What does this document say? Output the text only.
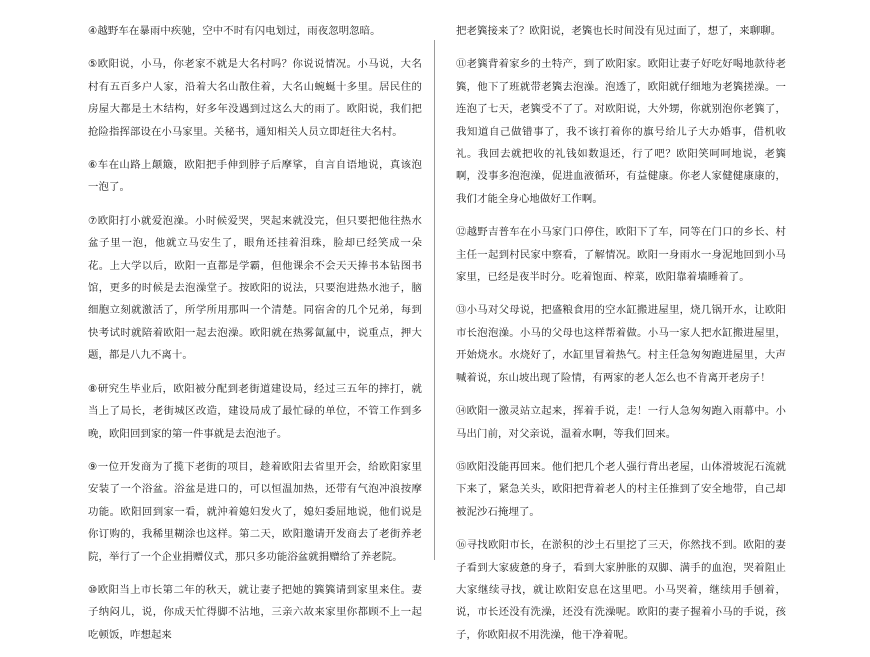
④越野车在暴雨中疾驰，空中不时有闪电划过，雨夜忽明忽暗。

⑤欧阳说，小马，你老家不就是大名村吗？你说说情况。小马说，大名村有五百多户人家，沿着大名山散住着，大名山蜿蜒十多里。居民住的房屋大都是土木结构，好多年没遇到过这么大的雨了。欧阳说，我们把抢险指挥部设在小马家里。关秘书，通知相关人员立即赶往大名村。

⑥车在山路上颠簸，欧阳把手伸到脖子后摩挲，自言自语地说，真该泡一泡了。

⑦欧阳打小就爱泡澡。小时候爱哭，哭起来就没完，但只要把他往热水盆子里一泡，他就立马安生了，眼角还挂着泪珠，脸却已经笑成一朵花。上大学以后，欧阳一直都是学霸，但他课余不会天天捧书本钻图书馆，更多的时候是去泡澡堂子。按欧阳的说法，只要泡进热水池子，脑细胞立刻就激活了，所学所用那叫一个清楚。同宿舍的几个兄弟，每到快考试时就陪着欧阳一起去泡澡。欧阳就在热雾氤氲中，说重点，押大题，都是八九不离十。

⑧研究生毕业后，欧阳被分配到老街道建设局，经过三五年的摔打，就当上了局长，老街城区改造，建设局成了最忙碌的单位，不管工作到多晚，欧阳回到家的第一件事就是去泡池子。

⑨一位开发商为了揽下老街的项目，趁着欧阳去省里开会，给欧阳家里安装了一个浴盆。浴盆是进口的，可以恒温加热，还带有气泡冲浪按摩功能。欧阳回到家一看，就沖着媳妇发火了，媳妇委屈地说，他们说是你订购的，我稀里糊涂也这样。第二天，欧阳邀请开发商去了老街养老院，举行了一个企业捐赠仪式，那只多功能浴盆就捐赠给了养老院。

⑩欧阳当上市长第二年的秋天，就让妻子把她的簨簨请到家里来住。妻子纳闷儿，说，你成天忙得脚不沾地，三亲六故来家里你都顾不上一起吃顿饭，咋想起来

把老簨接来了？欧阳说，老簨也长时间没有见过面了，想了，来聊聊。

⑪老簨背着家乡的土特产，到了欧阳家。欧阳让妻子好吃好喝地款待老簨，他下了班就带老簨去泡澡。泡透了，欧阳就仔细地为老簨搓澡。一连泡了七天，老簨受不了了。对欧阳说，大外甥，你就别泡你老簨了，我知道自己做错事了，我不该打着你的旗号给儿子大办婚事，借机收礼。我回去就把收的礼钱如数退还，行了吧？欧阳笑呵呵地说，老簨啊，没事多泡泡澡，促进血液循环，有益健康。你老人家健健康康的，我们才能全身心地做好工作啊。

⑫越野吉普车在小马家门口停住，欧阳下了车，同等在门口的乡长、村主任一起到村民家中察看，了解情况。欧阳一身雨水一身泥地回到小马家里，已经是夜半时分。吃着饱面、榨菜，欧阳靠着墙睡着了。

⑬小马对父母说，把盛粮食用的空水缸搬进屋里，烧几锅开水，让欧阳市长泡泡澡。小马的父母也这样帮着做。小马一家人把水缸搬进屋里，开始烧水。水烧好了，水缸里冒着热气。村主任急匆匆跑进屋里，大声喊着说，东山坡出现了险情，有两家的老人怎么也不肯离开老房子！

⑭欧阳一激灵站立起来，挥着手说，走！一行人急匆匆跑入雨幕中。小马出门前，对父亲说，温着水啊，等我们回来。

⑮欧阳没能再回来。他们把几个老人强行背出老屋，山体滑坡泥石流就下来了，紧急关头，欧阳把背着老人的村主任推到了安全地带，自己却被泥沙石掩埋了。

⑯寻找欧阳市长，在淤积的沙土石里挖了三天，你然找不到。欧阳的妻子看到大家疲惫的身子，看到大家肿胀的双脚、满手的血泡，哭着阻止大家继续寻找，就让欧阳安息在这里吧。小马哭着，继续用手刨着，说，市长还没有洗澡，还没有洗澡呢。欧阳的妻子握着小马的手说，孩子，你欧阳叔不用洗澡，他干净着呢。
